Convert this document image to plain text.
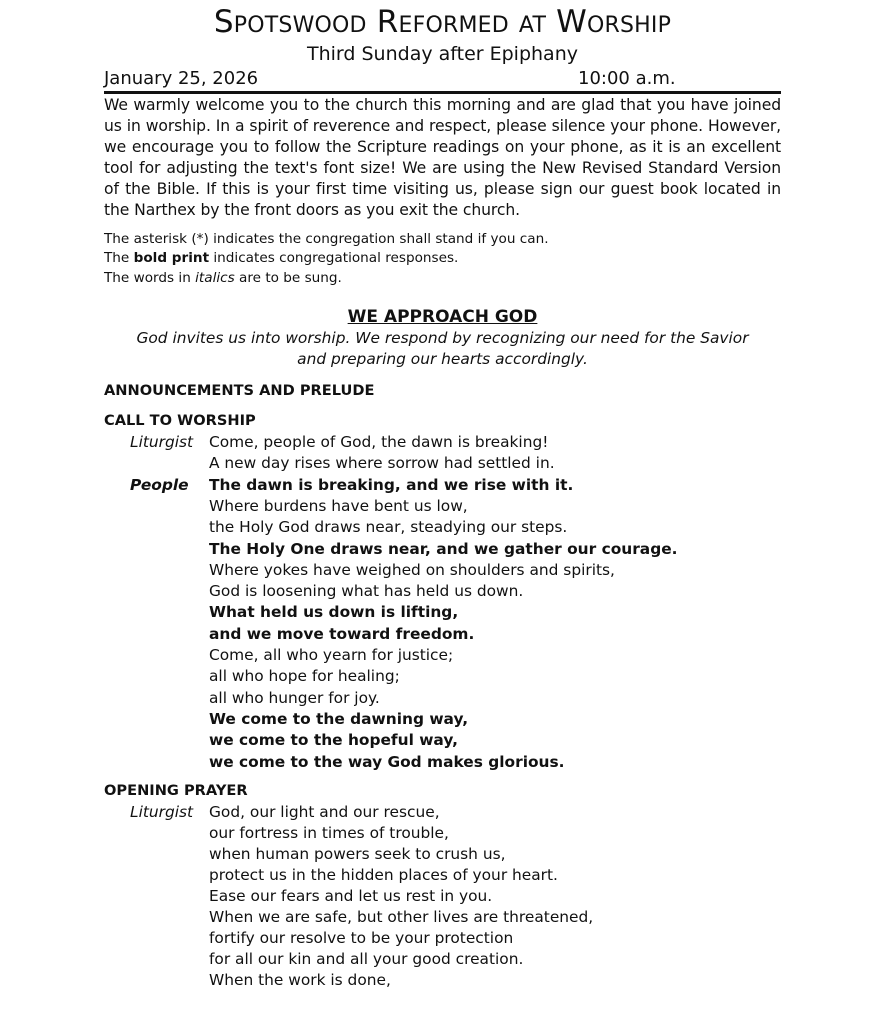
Spotswood Reformed at Worship
Third Sunday after Epiphany
January 25, 2026	10:00 a.m.
We warmly welcome you to the church this morning and are glad that you have joined us in worship. In a spirit of reverence and respect, please silence your phone. However, we encourage you to follow the Scripture readings on your phone, as it is an excellent tool for adjusting the text's font size! We are using the New Revised Standard Version of the Bible. If this is your first time visiting us, please sign our guest book located in the Narthex by the front doors as you exit the church.
The asterisk (*) indicates the congregation shall stand if you can.
The bold print indicates congregational responses.
The words in italics are to be sung.
WE APPROACH GOD
God invites us into worship. We respond by recognizing our need for the Savior
and preparing our hearts accordingly.
ANNOUNCEMENTS AND PRELUDE
CALL TO WORSHIP
Liturgist	Come, people of God, the dawn is breaking!
A new day rises where sorrow had settled in.
People	The dawn is breaking, and we rise with it.
Where burdens have bent us low,
the Holy God draws near, steadying our steps.
The Holy One draws near, and we gather our courage.
Where yokes have weighed on shoulders and spirits,
God is loosening what has held us down.
What held us down is lifting,
and we move toward freedom.
Come, all who yearn for justice;
all who hope for healing;
all who hunger for joy.
We come to the dawning way,
we come to the hopeful way,
we come to the way God makes glorious.
OPENING PRAYER
Liturgist	God, our light and our rescue,
our fortress in times of trouble,
when human powers seek to crush us,
protect us in the hidden places of your heart.
Ease our fears and let us rest in you.
When we are safe, but other lives are threatened,
fortify our resolve to be your protection
for all our kin and all your good creation.
When the work is done,
